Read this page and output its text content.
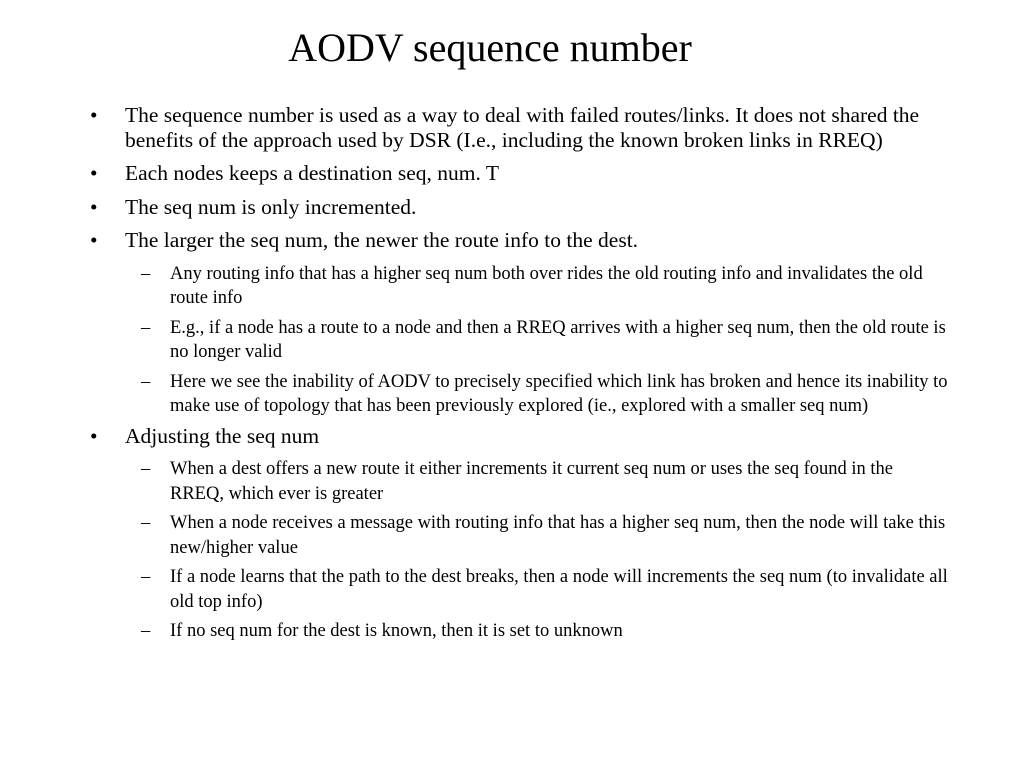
AODV sequence number
• The sequence number is used as a way to deal with failed routes/links. It does not shared the benefits of the approach used by DSR (I.e., including the known broken links in RREQ)
• Each nodes keeps a destination seq, num. T
• The seq num is only incremented.
• The larger the seq num, the newer the route info to the dest.
– Any routing info that has a higher seq num both over rides the old routing info and invalidates the old route info
– E.g., if a node has a route to a node and then a RREQ arrives with a higher seq num, then the old route is no longer valid
– Here we see the inability of AODV to precisely specified which link has broken and hence its inability to make use of topology that has been previously explored (ie., explored with a smaller seq num)
• Adjusting the seq num
– When a dest offers a new route it either increments it current seq num or uses the seq found in the RREQ, which ever is greater
– When a node receives a message with routing info that has a higher seq num, then the node will take this new/higher value
– If a node learns that the path to the dest breaks, then a node will increments the seq num (to invalidate all old top info)
– If no seq num for the dest is known, then it is set to unknown
